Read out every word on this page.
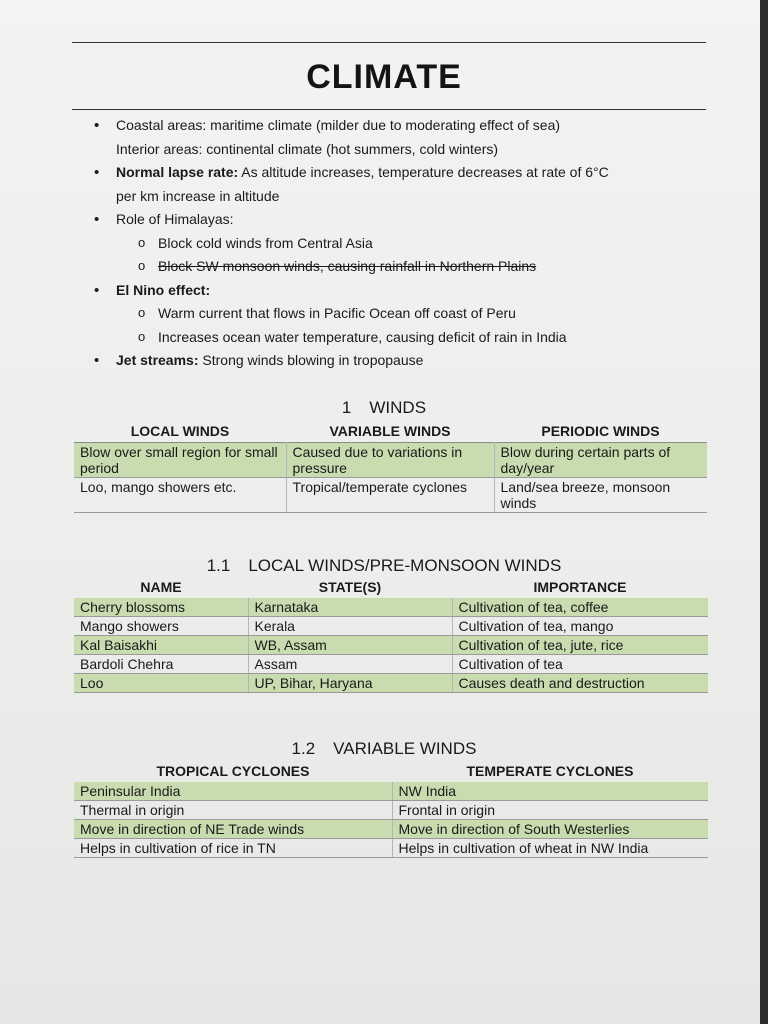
CLIMATE
• Coastal areas: maritime climate (milder due to moderating effect of sea)
Interior areas: continental climate (hot summers, cold winters)
• Normal lapse rate: As altitude increases, temperature decreases at rate of 6°C
per km increase in altitude
• Role of Himalayas:
o Block cold winds from Central Asia
o Block SW monsoon winds, causing rainfall in Northern Plains
• El Nino effect:
o Warm current that flows in Pacific Ocean off coast of Peru
o Increases ocean water temperature, causing deficit of rain in India
• Jet streams: Strong winds blowing in tropopause
1 WINDS
LOCAL WINDS	VARIABLE WINDS	PERIODIC WINDS
Blow over small region for small period	Caused due to variations in pressure	Blow during certain parts of day/year
Loo, mango showers etc.	Tropical/temperate cyclones	Land/sea breeze, monsoon winds
1.1 LOCAL WINDS/PRE-MONSOON WINDS
NAME	STATE(S)	IMPORTANCE
Cherry blossoms	Karnataka	Cultivation of tea, coffee
Mango showers	Kerala	Cultivation of tea, mango
Kal Baisakhi	WB, Assam	Cultivation of tea, jute, rice
Bardoli Chehra	Assam	Cultivation of tea
Loo	UP, Bihar, Haryana	Causes death and destruction
1.2 VARIABLE WINDS
TROPICAL CYCLONES	TEMPERATE CYCLONES
Peninsular India	NW India
Thermal in origin	Frontal in origin
Move in direction of NE Trade winds	Move in direction of South Westerlies
Helps in cultivation of rice in TN	Helps in cultivation of wheat in NW India
